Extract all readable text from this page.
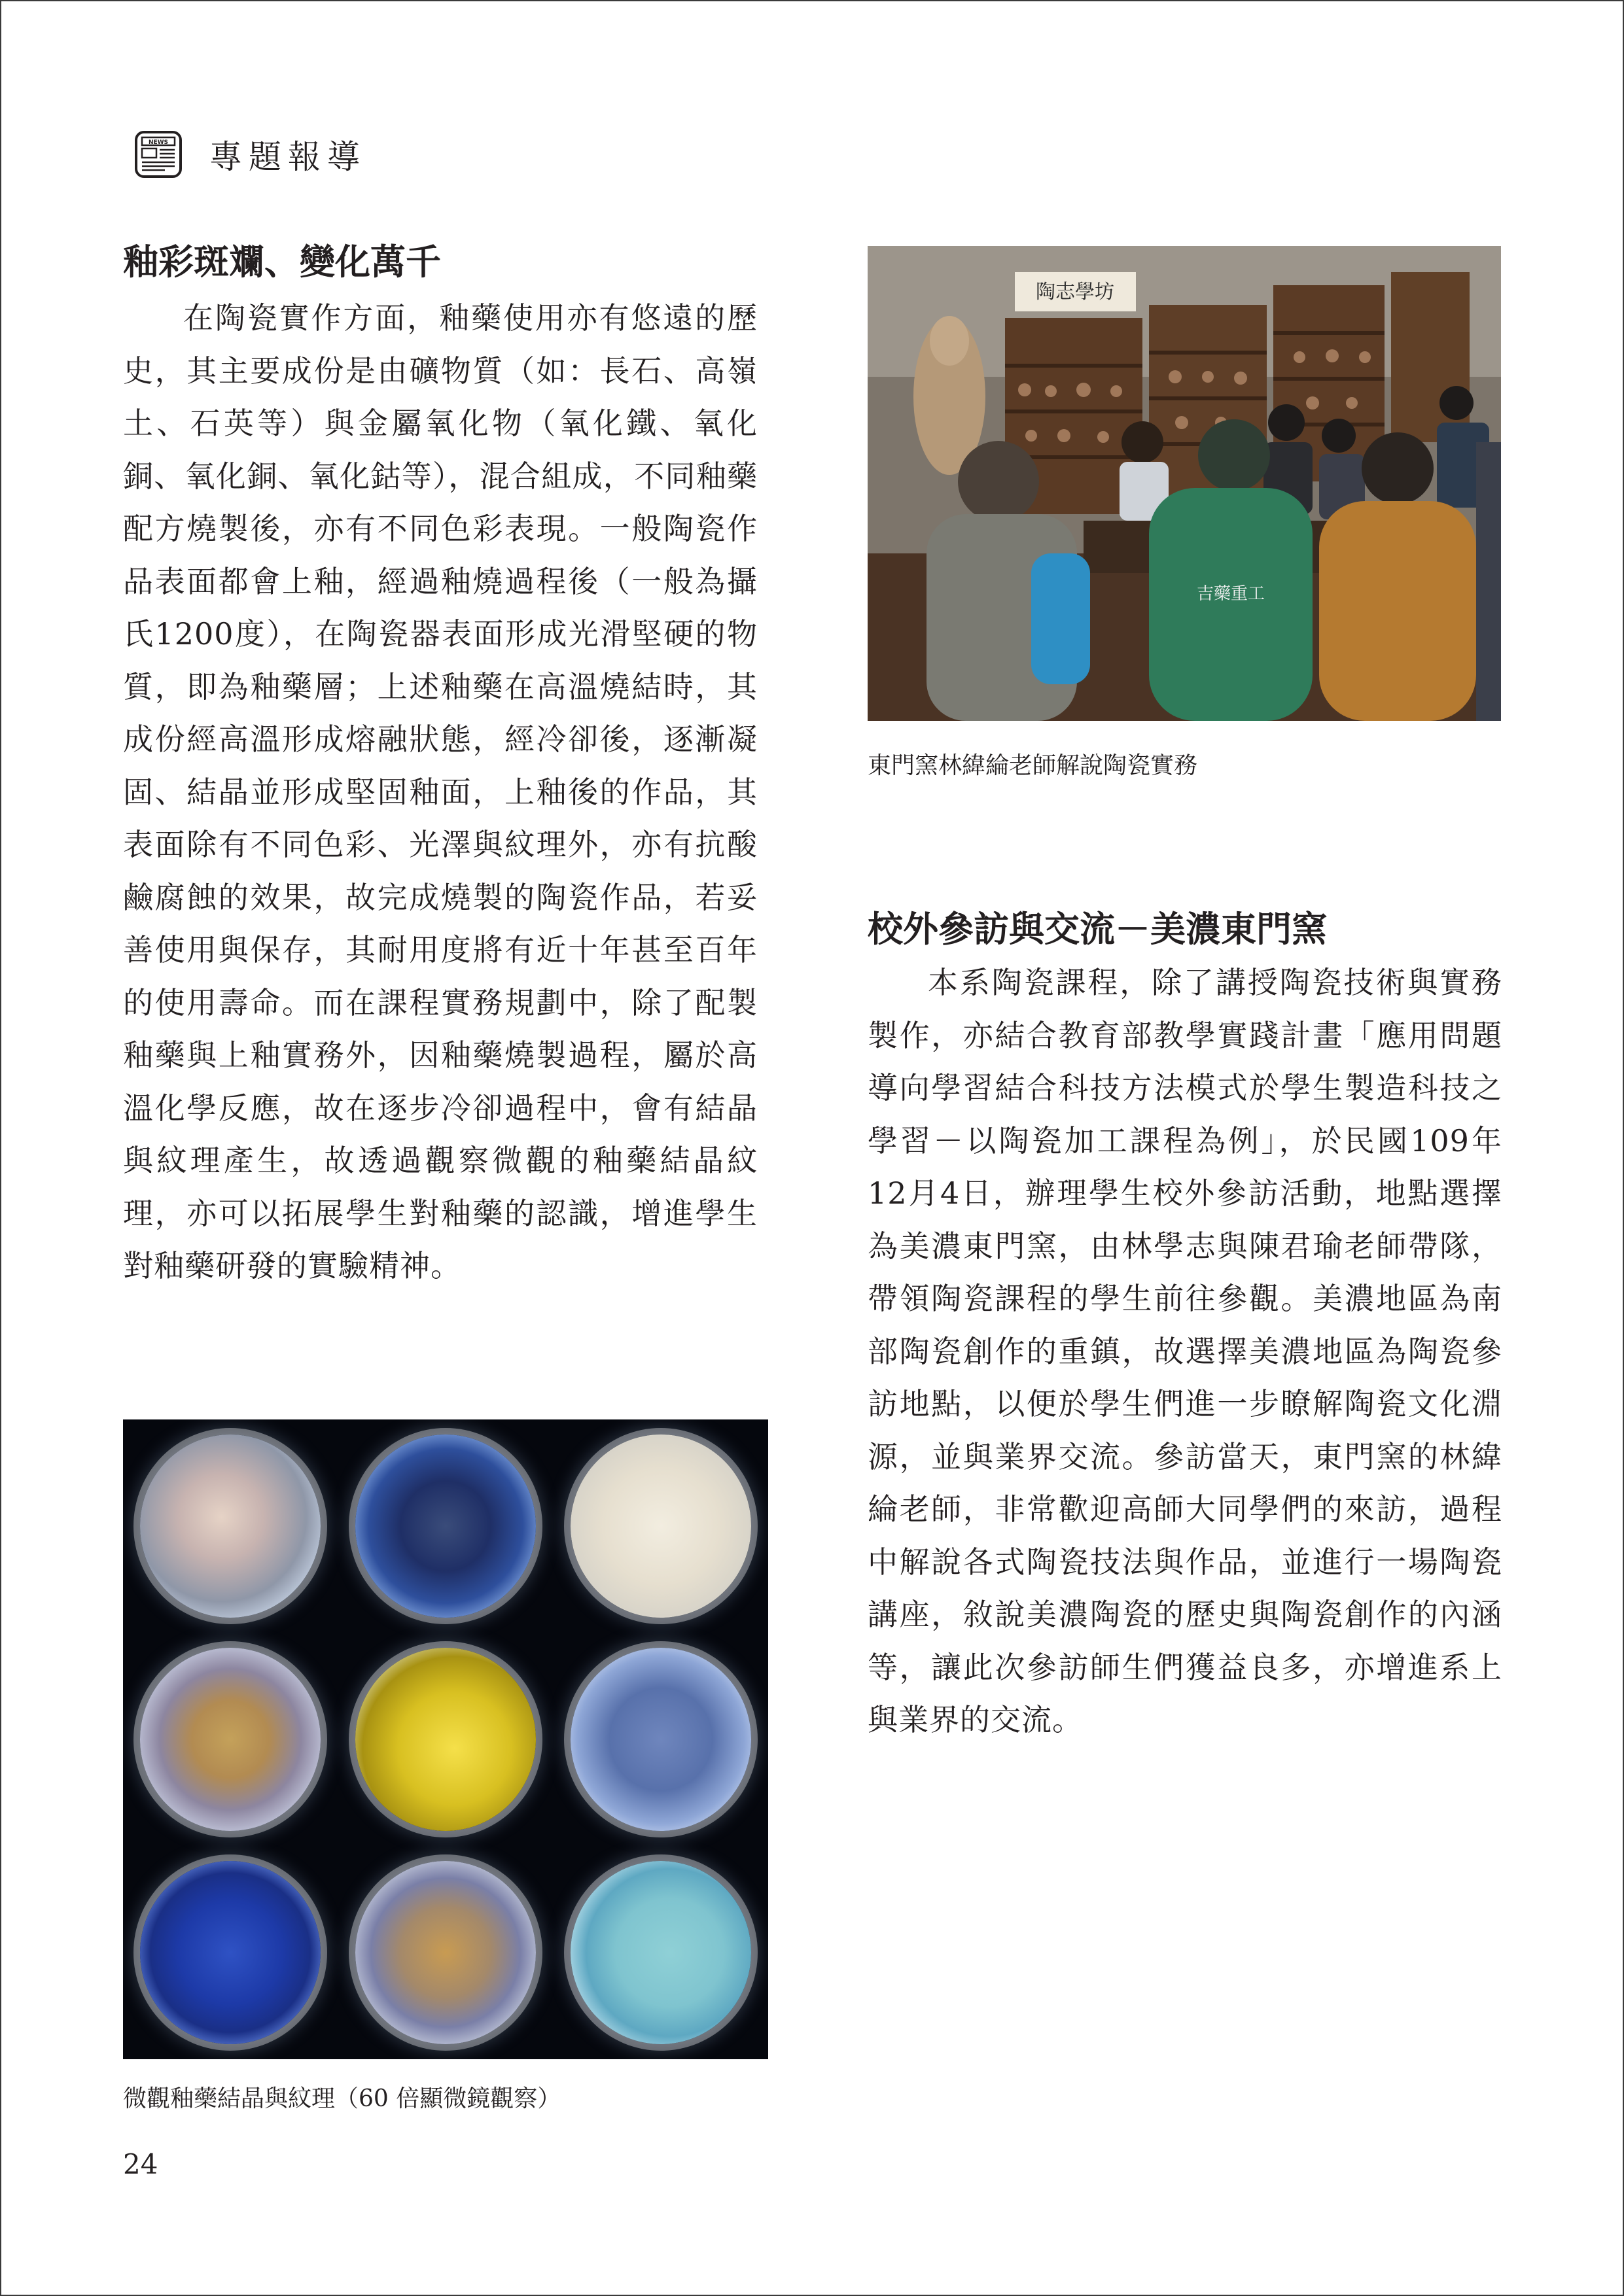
NEWS 專題報導
釉彩斑斕、變化萬千

在陶瓷實作方面，釉藥使用亦有悠遠的歷史，其主要成份是由礦物質（如：長石、高嶺土、石英等）與金屬氧化物（氧化鐵、氧化銅、氧化銅、氧化鈷等），混合組成，不同釉藥配方燒製後，亦有不同色彩表現。一般陶瓷作品表面都會上釉，經過釉燒過程後（一般為攝氏1200度），在陶瓷器表面形成光滑堅硬的物質，即為釉藥層；上述釉藥在高溫燒結時，其成份經高溫形成熔融狀態，經冷卻後，逐漸凝固、結晶並形成堅固釉面，上釉後的作品，其表面除有不同色彩、光澤與紋理外，亦有抗酸鹼腐蝕的效果，故完成燒製的陶瓷作品，若妥善使用與保存，其耐用度將有近十年甚至百年的使用壽命。而在課程實務規劃中，除了配製釉藥與上釉實務外，因釉藥燒製過程，屬於高溫化學反應，故在逐步冷卻過程中，會有結晶與紋理產生，故透過觀察微觀的釉藥結晶紋理，亦可以拓展學生對釉藥的認識，增進學生對釉藥研發的實驗精神。

微觀釉藥結晶與紋理（60 倍顯微鏡觀察）
陶志學坊
吉藥重工
東門窯林緯綸老師解說陶瓷實務
校外參訪與交流－美濃東門窯

本系陶瓷課程，除了講授陶瓷技術與實務製作，亦結合教育部教學實踐計畫「應用問題導向學習結合科技方法模式於學生製造科技之學習－以陶瓷加工課程為例」，於民國109年12月4日，辦理學生校外參訪活動，地點選擇為美濃東門窯，由林學志與陳君瑜老師帶隊，帶領陶瓷課程的學生前往參觀。美濃地區為南部陶瓷創作的重鎮，故選擇美濃地區為陶瓷參訪地點，以便於學生們進一步瞭解陶瓷文化淵源，並與業界交流。參訪當天，東門窯的林緯綸老師，非常歡迎高師大同學們的來訪，過程中解說各式陶瓷技法與作品，並進行一場陶瓷講座，敘說美濃陶瓷的歷史與陶瓷創作的內涵等，讓此次參訪師生們獲益良多，亦增進系上與業界的交流。

24
